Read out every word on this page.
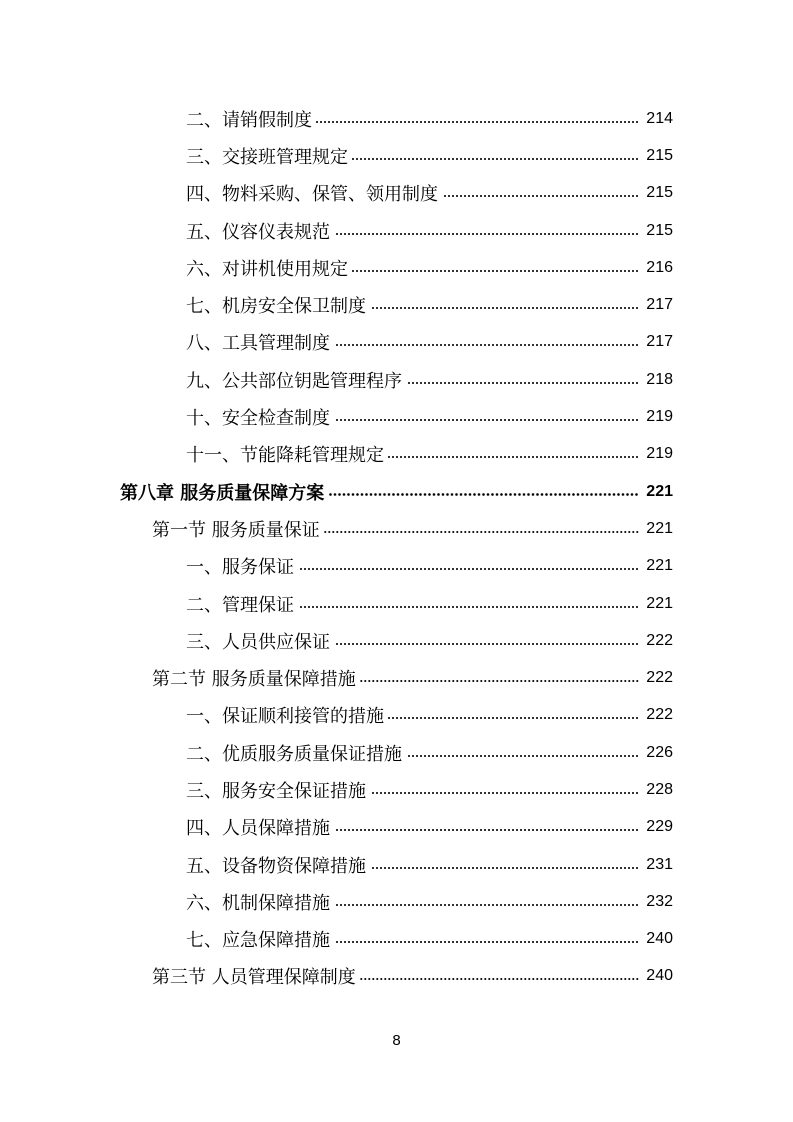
二、请销假制度	214
三、交接班管理规定	215
四、物料采购、保管、领用制度	215
五、仪容仪表规范	215
六、对讲机使用规定	216
七、机房安全保卫制度	217
八、工具管理制度	217
九、公共部位钥匙管理程序	218
十、安全检查制度	219
十一、节能降耗管理规定	219
第八章 服务质量保障方案	221
第一节 服务质量保证	221
一、服务保证	221
二、管理保证	221
三、人员供应保证	222
第二节 服务质量保障措施	222
一、保证顺利接管的措施	222
二、优质服务质量保证措施	226
三、服务安全保证措施	228
四、人员保障措施	229
五、设备物资保障措施	231
六、机制保障措施	232
七、应急保障措施	240
第三节 人员管理保障制度	240
8
